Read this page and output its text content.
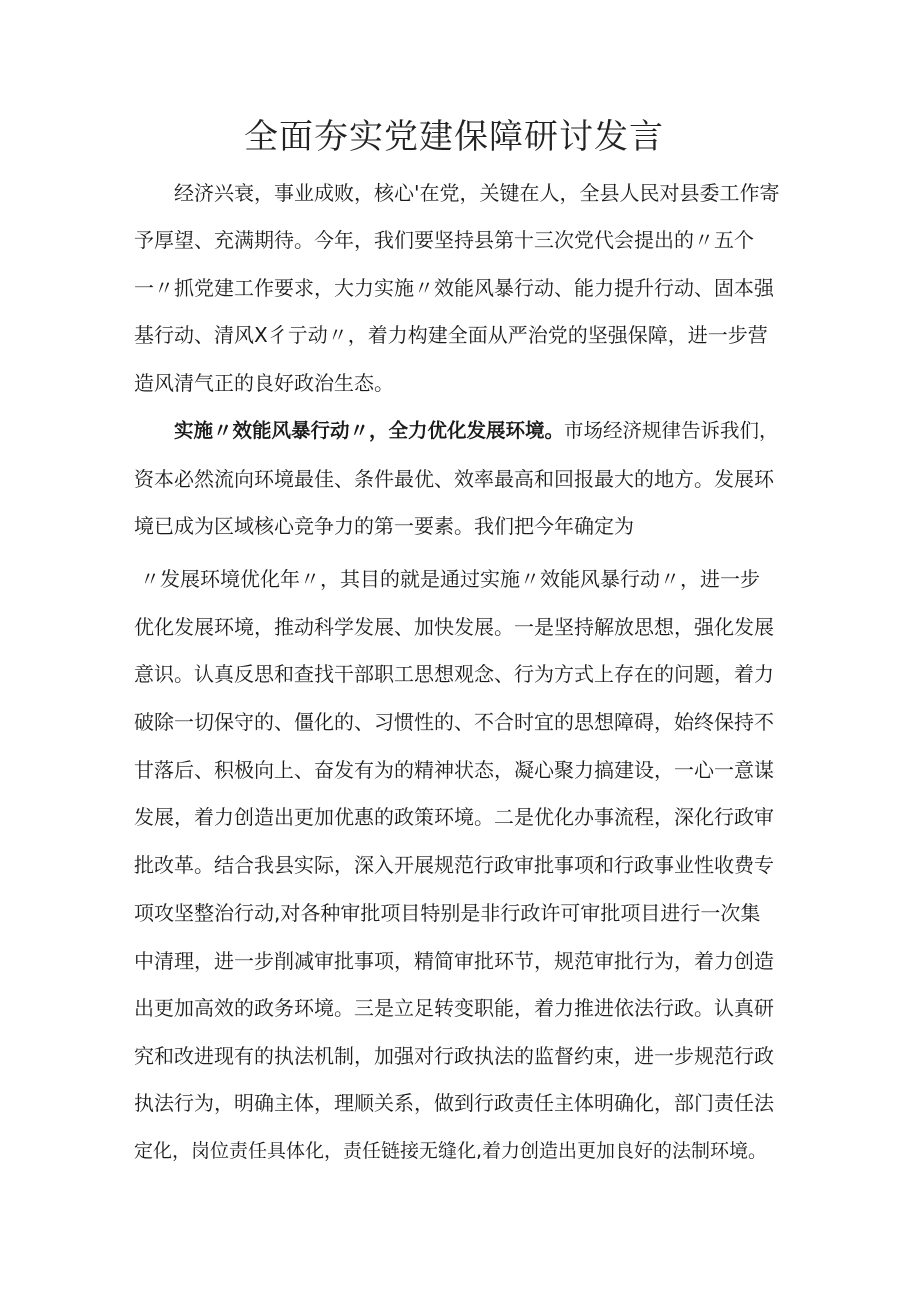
全面夯实党建保障研讨发言
经济兴衰，事业成败，核心'在党，关键在人，全县人民对县委工作寄
予厚望、充满期待。今年，我们要坚持县第十三次党代会提出的〃五个
一〃抓党建工作要求，大力实施〃效能风暴行动、能力提升行动、固本强
基行动、清风X彳亍动〃，着力构建全面从严治党的坚强保障，进一步营
造风清气正的良好政治生态。
实施〃效能风暴行动〃，全力优化发展环境。市场经济规律告诉我们，
资本必然流向环境最佳、条件最优、效率最高和回报最大的地方。发展环
境已成为区域核心竞争力的第一要素。我们把今年确定为
〃发展环境优化年〃，其目的就是通过实施〃效能风暴行动〃，进一步
优化发展环境，推动科学发展、加快发展。一是坚持解放思想，强化发展
意识。认真反思和查找干部职工思想观念、行为方式上存在的问题，着力
破除一切保守的、僵化的、习惯性的、不合时宜的思想障碍，始终保持不
甘落后、积极向上、奋发有为的精神状态，凝心聚力搞建设，一心一意谋
发展，着力创造出更加优惠的政策环境。二是优化办事流程，深化行政审
批改革。结合我县实际，深入开展规范行政审批事项和行政事业性收费专
项攻坚整治行动,对各种审批项目特别是非行政许可审批项目进行一次集
中清理，进一步削减审批事项，精简审批环节，规范审批行为，着力创造
出更加高效的政务环境。三是立足转变职能，着力推进依法行政。认真研
究和改进现有的执法机制，加强对行政执法的监督约束，进一步规范行政
执法行为，明确主体，理顺关系，做到行政责任主体明确化，部门责任法
定化，岗位责任具体化，责任链接无缝化,着力创造出更加良好的法制环境。
